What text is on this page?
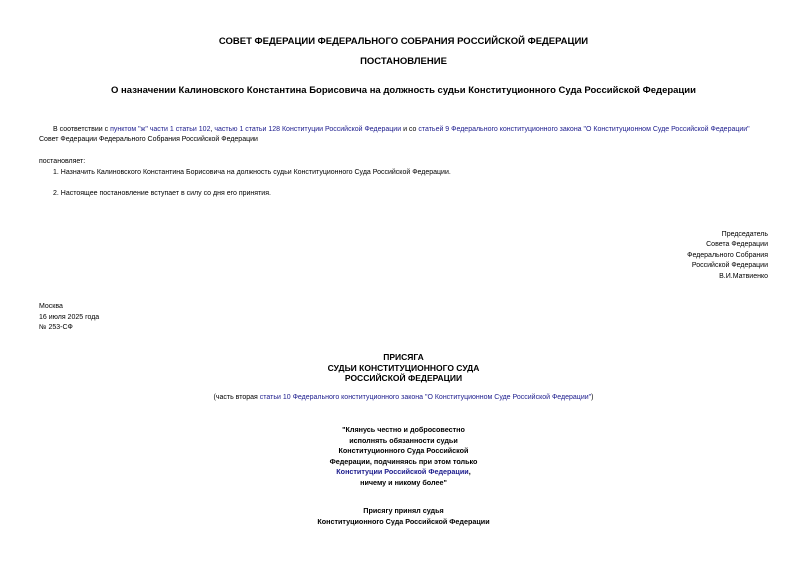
СОВЕТ ФЕДЕРАЦИИ ФЕДЕРАЛЬНОГО СОБРАНИЯ РОССИЙСКОЙ ФЕДЕРАЦИИ
ПОСТАНОВЛЕНИЕ
О назначении Калиновского Константина Борисовича на должность судьи Конституционного Суда Российской Федерации
В соответствии с пунктом "ж" части 1 статьи 102, частью 1 статьи 128 Конституции Российской Федерации и со статьей 9 Федерального конституционного закона "О Конституционном Суде Российской Федерации"
Совет Федерации Федерального Собрания Российской Федерации
постановляет:
1. Назначить Калиновского Константина Борисовича на должность судьи Конституционного Суда Российской Федерации.
2. Настоящее постановление вступает в силу со дня его принятия.
Председатель
Совета Федерации
Федерального Собрания
Российской Федерации
В.И.Матвиенко
Москва
16 июля 2025 года
№ 253-СФ
ПРИСЯГА
СУДЬИ КОНСТИТУЦИОННОГО СУДА
РОССИЙСКОЙ ФЕДЕРАЦИИ
(часть вторая статьи 10 Федерального конституционного закона "О Конституционном Суде Российской Федерации")
"Клянусь честно и добросовестно
исполнять обязанности судьи
Конституционного Суда Российской
Федерации, подчиняясь при этом только
Конституции Российской Федерации,
ничему и никому более"
Присягу принял судья
Конституционного Суда Российской Федерации
